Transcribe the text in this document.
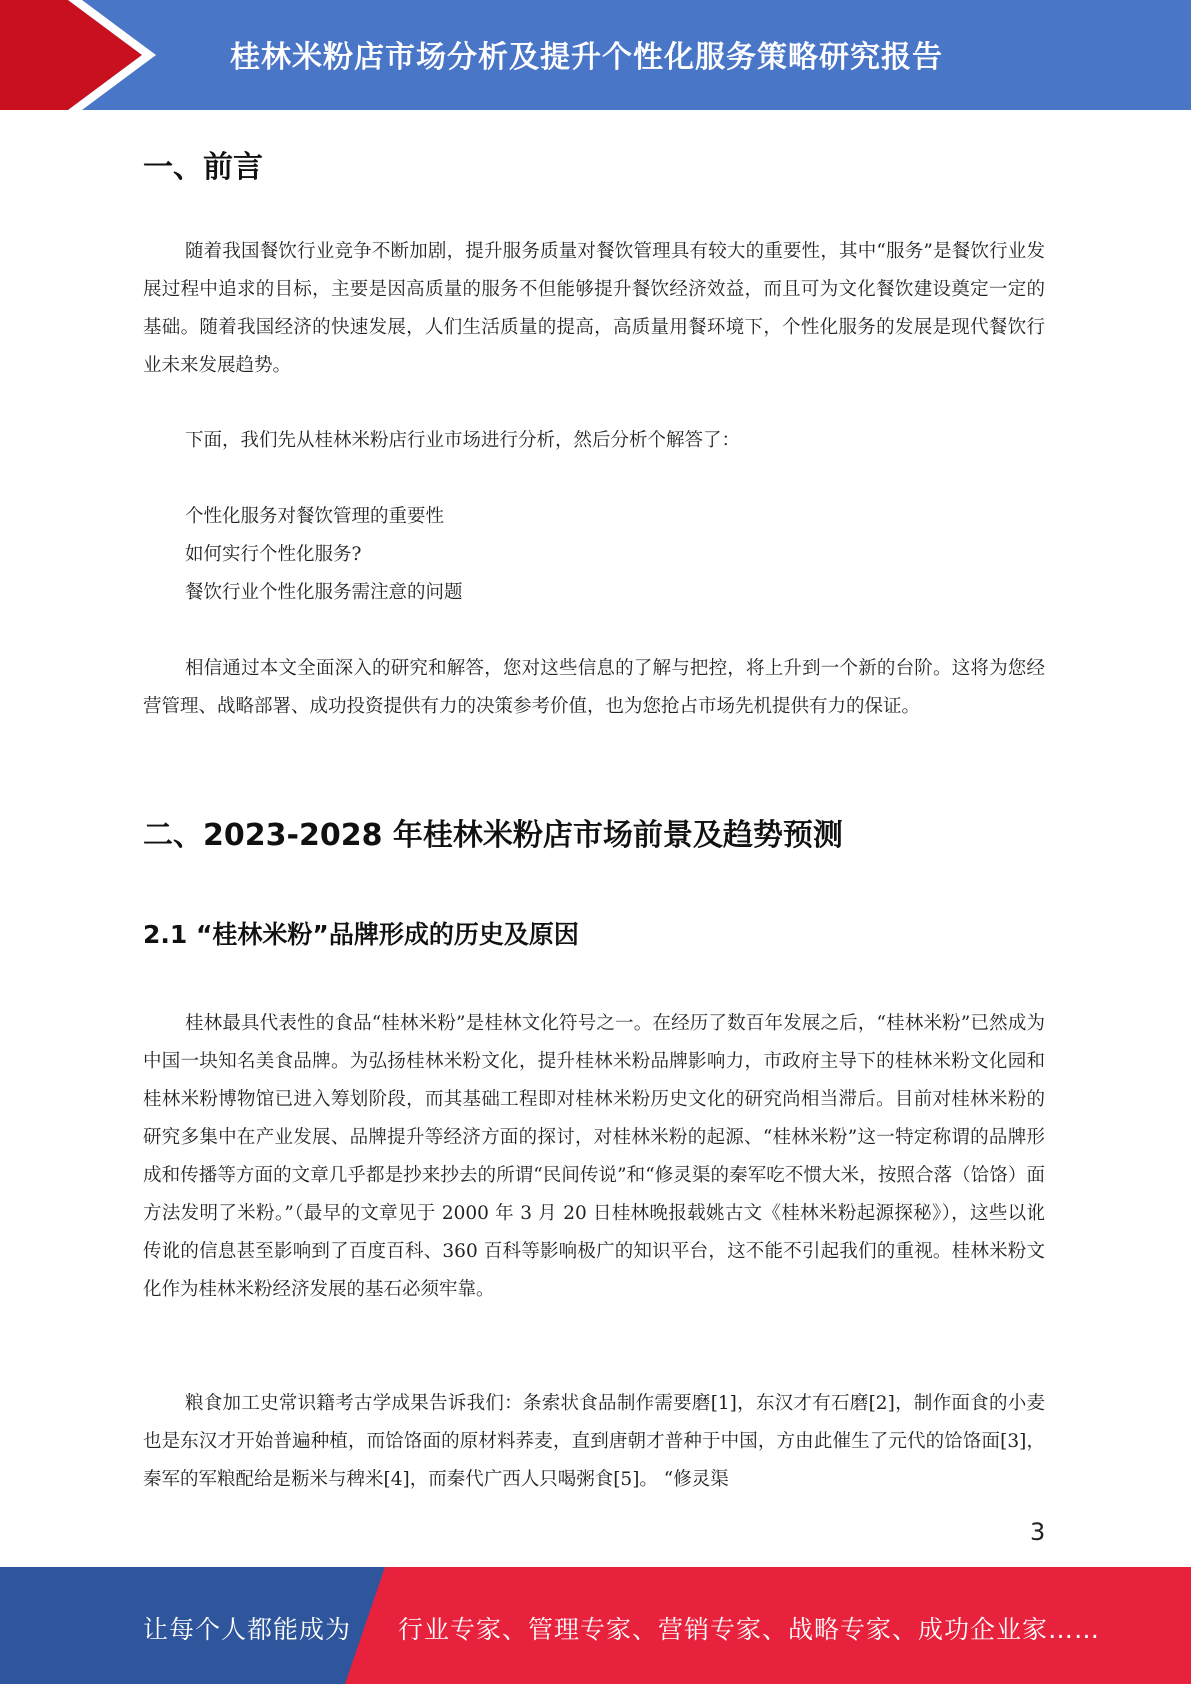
桂林米粉店市场分析及提升个性化服务策略研究报告
一、前言

随着我国餐饮行业竞争不断加剧，提升服务质量对餐饮管理具有较大的重要性，其中“服务”是餐饮行业发展过程中追求的目标，主要是因高质量的服务不但能够提升餐饮经济效益，而且可为文化餐饮建设奠定一定的基础。随着我国经济的快速发展，人们生活质量的提高，高质量用餐环境下，个性化服务的发展是现代餐饮行业未来发展趋势。

下面，我们先从桂林米粉店行业市场进行分析，然后分析个解答了：

个性化服务对餐饮管理的重要性
如何实行个性化服务?
餐饮行业个性化服务需注意的问题

相信通过本文全面深入的研究和解答，您对这些信息的了解与把控，将上升到一个新的台阶。这将为您经营管理、战略部署、成功投资提供有力的决策参考价值，也为您抢占市场先机提供有力的保证。

二、2023-2028 年桂林米粉店市场前景及趋势预测
2.1 “桂林米粉”品牌形成的历史及原因

桂林最具代表性的食品“桂林米粉”是桂林文化符号之一。在经历了数百年发展之后，“桂林米粉”已然成为中国一块知名美食品牌。为弘扬桂林米粉文化，提升桂林米粉品牌影响力，市政府主导下的桂林米粉文化园和桂林米粉博物馆已进入筹划阶段，而其基础工程即对桂林米粉历史文化的研究尚相当滞后。目前对桂林米粉的研究多集中在产业发展、品牌提升等经济方面的探讨，对桂林米粉的起源、“桂林米粉”这一特定称谓的品牌形成和传播等方面的文章几乎都是抄来抄去的所谓“民间传说”和“修灵渠的秦军吃不惯大米，按照合落（饸饹）面方法发明了米粉。”（最早的文章见于 2000 年 3 月 20 日桂林晚报载姚古文《桂林米粉起源探秘》），这些以讹传讹的信息甚至影响到了百度百科、360 百科等影响极广的知识平台，这不能不引起我们的重视。桂林米粉文化作为桂林米粉经济发展的基石必须牢靠。

粮食加工史常识籍考古学成果告诉我们：条索状食品制作需要磨[1]，东汉才有石磨[2]，制作面食的小麦也是东汉才开始普遍种植，而饸饹面的原材料荞麦，直到唐朝才普种于中国，方由此催生了元代的饸饹面[3]，秦军的军粮配给是粝米与稗米[4]，而秦代广西人只喝粥食[5]。 “修灵渠

3
让每个人都能成为 行业专家、管理专家、营销专家、战略专家、成功企业家……
